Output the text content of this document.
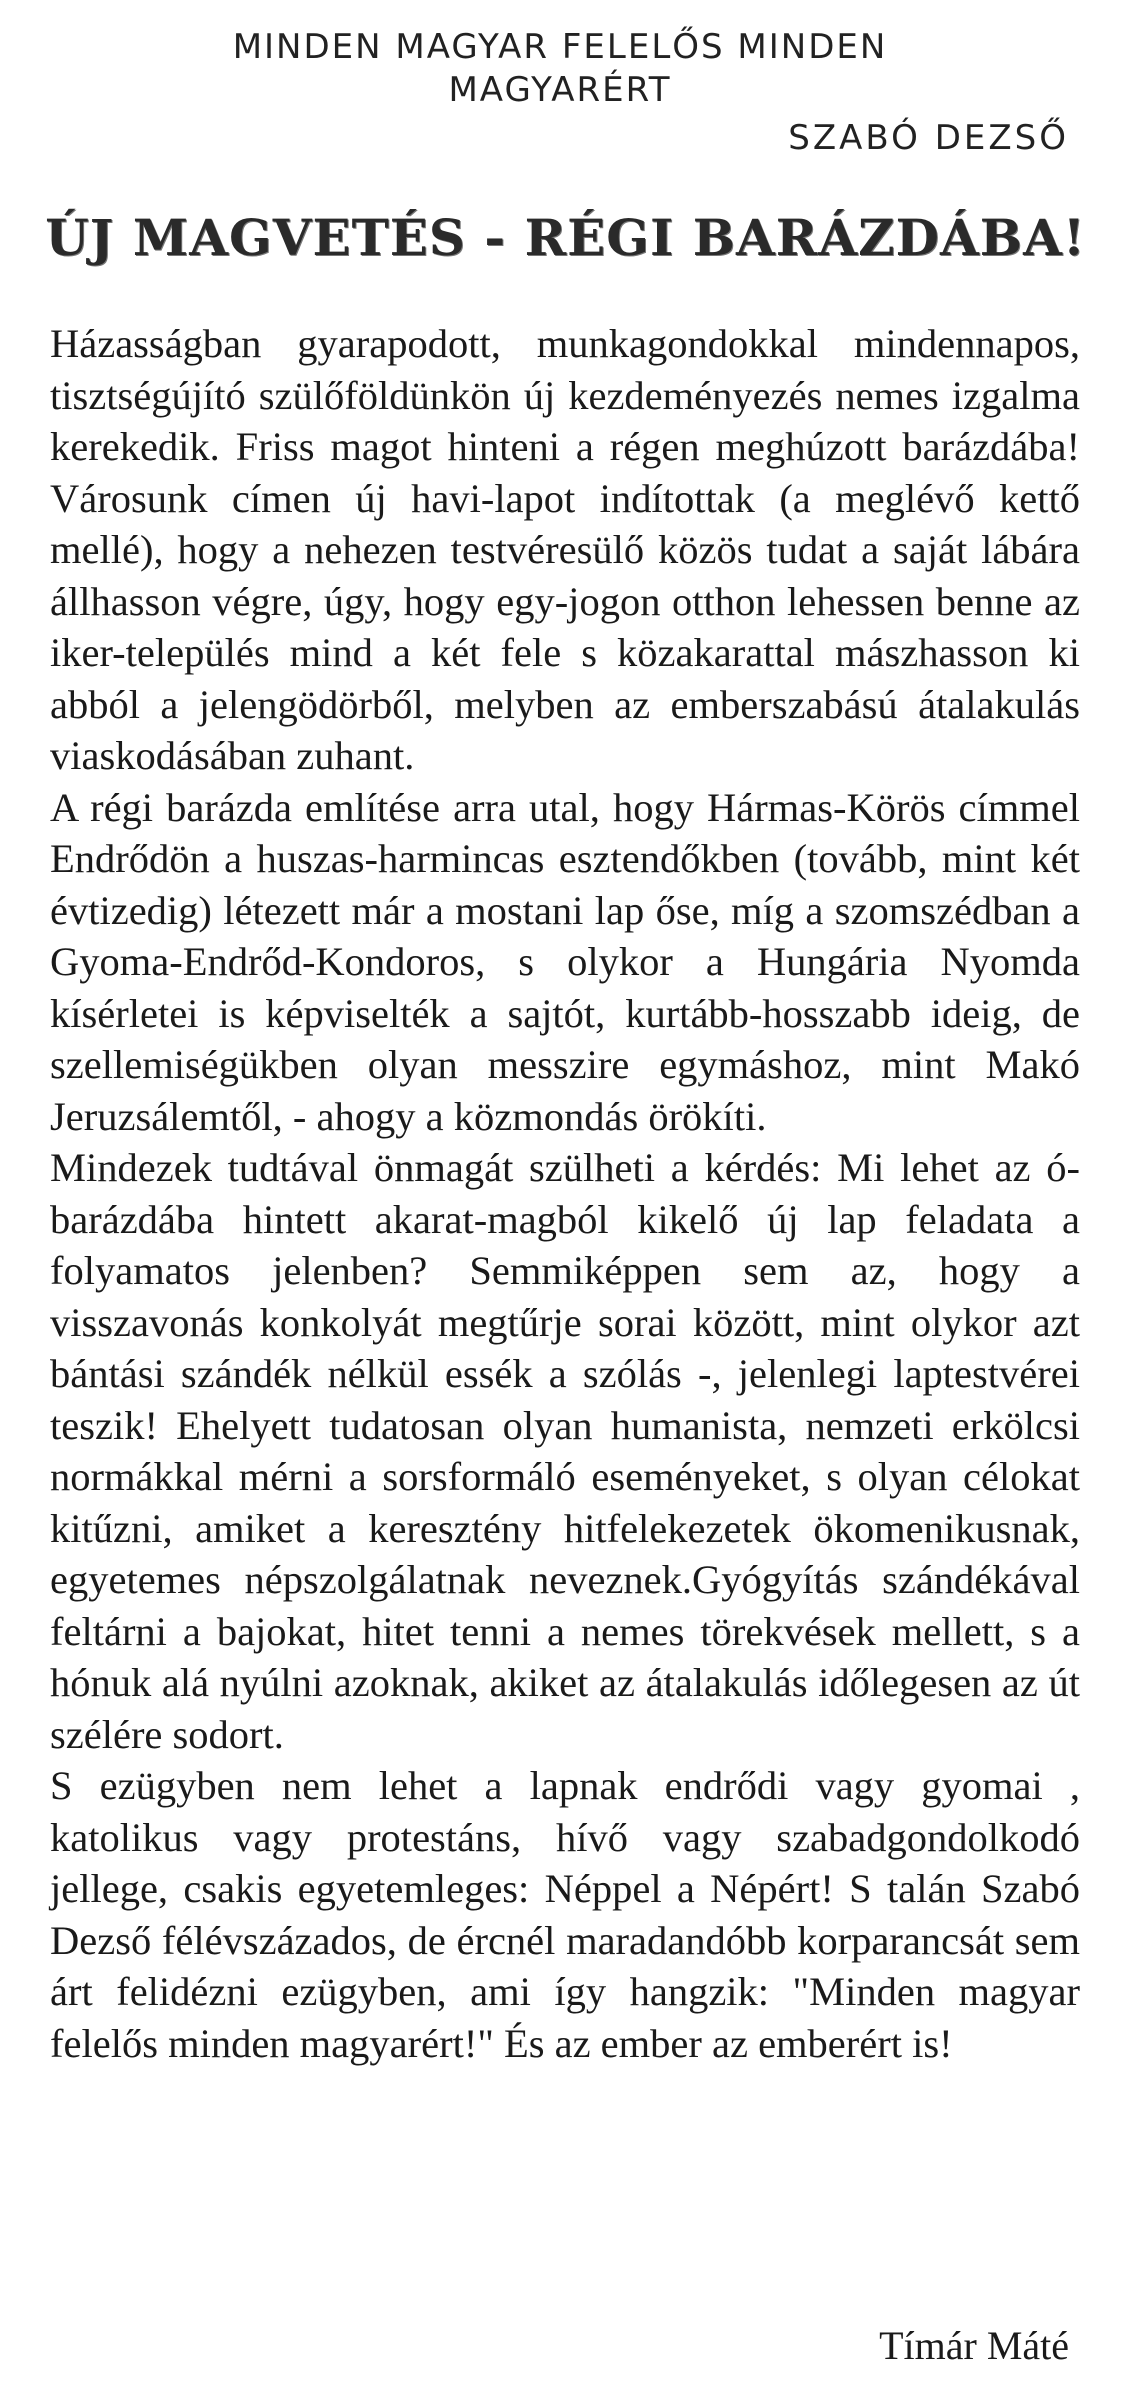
MINDEN MAGYAR FELELŐS MINDEN MAGYARÉRT
SZABÓ DEZSŐ
ÚJ MAGVETÉS - RÉGI BARÁZDÁBA!

Házasságban gyarapodott, munkagondokkal mindennapos, tisztségújító szülőföldünkön új kezdeményezés nemes izgalma kerekedik. Friss magot hinteni a régen meghúzott barázdába! Városunk címen új havi-lapot indítottak (a meglévő kettő mellé), hogy a nehezen testvéresülő közös tudat a saját lábára állhasson végre, úgy, hogy egy-jogon otthon lehessen benne az iker-település mind a két fele s közakarattal mászhasson ki abból a jelengödörből, melyben az emberszabású átalakulás viaskodásában zuhant.

A régi barázda említése arra utal, hogy Hármas-Körös címmel Endrődön a huszas-harmincas esztendőkben (tovább, mint két évtizedig) létezett már a mostani lap őse, míg a szomszédban a Gyoma-Endrőd-Kondoros, s olykor a Hungária Nyomda kísérletei is képviselték a sajtót, kurtább-hosszabb ideig, de szellemiségükben olyan messzire egymáshoz, mint Makó Jeruzsálemtől, - ahogy a közmondás örökíti.

Mindezek tudtával önmagát szülheti a kérdés: Mi lehet az ó-barázdába hintett akarat-magból kikelő új lap feladata a folyamatos jelenben? Semmiképpen sem az, hogy a visszavonás konkolyát megtűrje sorai között, mint olykor azt bántási szándék nélkül essék a szólás -, jelenlegi laptestvérei teszik! Ehelyett tudatosan olyan humanista, nemzeti erkölcsi normákkal mérni a sorsformáló eseményeket, s olyan célokat kitűzni, amiket a keresztény hitfelekezetek ökomenikusnak, egyetemes népszolgálatnak neveznek.Gyógyítás szándékával feltárni a bajokat, hitet tenni a nemes törekvések mellett, s a hónuk alá nyúlni azoknak, akiket az átalakulás időlegesen az út szélére sodort.

S ezügyben nem lehet a lapnak endrődi vagy gyomai , katolikus vagy protestáns, hívő vagy szabadgondolkodó jellege, csakis egyetemleges: Néppel a Népért! S talán Szabó Dezső félévszázados, de ércnél maradandóbb korparancsát sem árt felidézni ezügyben, ami így hangzik: "Minden magyar felelős minden magyarért!" És az ember az emberért is!

Tímár Máté
